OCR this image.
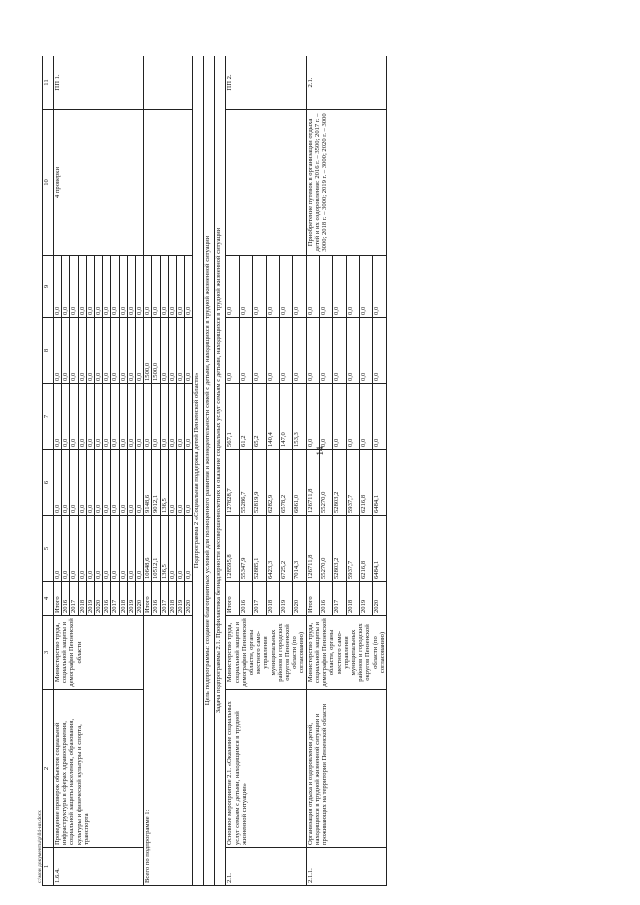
14
c:\мои документы\p\04-ип.docx 1	2	3	4	5	6	7	8	9	10	11
1.6.4.	Проведение проверок объектов социальной инфраструктуры в сферах здравоохранения, социальной защиты населения, образования, культуры и физической культуры и спорта, транспорта	Министерство труда, социальной защиты и демографии Пензенской области	Итого	0,0	0,0	0,0	0,0	0,0	4 проверки	ПП 1.
			2016	0,0	0,0	0,0	0,0	0,0		
			2017	0,0	0,0	0,0	0,0	0,0		
			2018	0,0	0,0	0,0	0,0	0,0		
			2019	0,0	0,0	0,0	0,0	0,0		
			2020	0,0	0,0	0,0	0,0	0,0		
			2016	0,0	0,0	0,0	0,0	0,0		
			2017	0,0	0,0	0,0	0,0	0,0		
			2018	0,0	0,0	0,0	0,0	0,0		
			2019	0,0	0,0	0,0	0,0	0,0		
			2020	0,0	0,0	0,0	0,0	0,0		
Всего по подпрограмме 1:			Итого	10648,6	9148,6	0,0	1500,0	0,0		
			2016	10512,1	9012,1	0,0	1500,0	0,0		
			2017	136,5	136,5	0,0	0,0	0,0		
			2018	0,0	0,0	0,0	0,0	0,0		
			2019	0,0	0,0	0,0	0,0	0,0		
			2020	0,0	0,0	0,0	0,0	0,0		
Подпрограмма 2 «Социальная поддержка детей Пензенской области»										
Цель подпрограммы: создание благоприятных условий для полноценного развития и жизнедеятельности семей с детьми, находящихся в трудной жизненной ситуации										
Задача подпрограммы 2.1. Профилактика безнадзорности несовершеннолетних и оказание социальных услуг семьям с детьми, находящихся в трудной жизненной ситуации										
2.1.	Основное мероприятие 2.1. «Оказание социальных услуг семьям с детьми, находящимся в трудной жизненной ситуации»	Министерство труда, социальной защиты и демографии Пензенской области, органы местного само-управления муниципальных районов и городских округов Пензенской области (по согласованию)	Итого	128595,8	127828,7	567,1	0,0	0,0		ПП 2.
			2016	55347,9	55286,7	61,2	0,0	0,0		
			2017	52885,1	52819,9	65,2	0,0	0,0		
			2018	6423,3	6282,9	140,4	0,0	0,0		
			2019	6725,2	6578,2	147,0	0,0	0,0		
			2020	7014,3	6861,0	153,3	0,0	0,0		
2.1.1.	Организация отдыха и оздоровления детей, находящихся в трудной жизненной ситуации и проживающих на территории Пензенской области	Министерство труда, социальной защиты и демографии Пензенской области, органы местного само-управления муниципальных районов и городских округов Пензенской области (по согласованию)	Итого	126711,8	126711,8	0,0	0,0	0,0	Приобретение путевок в организации отдыха детей и их оздоровления: 2016 г. – 3500; 2017 г. – 3000; 2018 г. – 3000; 2019 г. – 3000; 2020 г. – 3000	2.1.
			2016	55270,0	55270,0	0,0	0,0	0,0		
			2017	52803,2	52803,2	0,0	0,0	0,0		
			2018	5937,7	5937,7	0,0	0,0	0,0		
			2019	6216,8	6216,8	0,0	0,0	0,0		
			2020	6484,1	6484,1	0,0	0,0	0,0		
